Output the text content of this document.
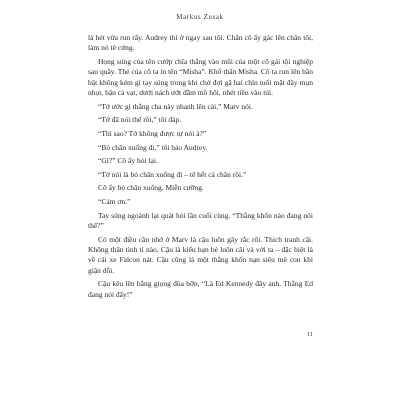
Markus Zusak

là hét vừa run rẩy. Audrey thì ở ngay sau tôi. Chân cô ấy gác lên chân tôi, làm nó tê cứng.

Họng súng của tên cướp chĩa thẳng vào mũi của một cô gái tội nghiệp sau quầy. Thẻ của cô ta in tên “Misha”. Khổ thân Misha. Cô ta run lên bần bật không kém gì tay súng trong khi chờ đợi gã hai chín tuổi mặt đầy mụn nhọt, bận cả vạt, dưới nách ướt đẫm mồ hôi, nhét tiền vào túi.

“Tớ ước gì thằng cha này nhanh lên cái,” Marv nói.

“Tớ đã nói thế rồi,” tôi đáp.

“Thì sao? Tớ không được tự nói à?”

“Bỏ chân xuống đi,” tôi bảo Audrey.

“Gì?” Cô ấy hỏi lại.

“Tớ nói là bỏ chân xuống đi – tê hết cả chân rồi.”

Cô ấy bỏ chân xuống. Miễn cưỡng.

“Cảm ơn.”

Tay súng ngoảnh lại quát hỏi lần cuối cùng. “Thằng khốn nào đang nói thế?”

Có một điều cần nhớ ở Marv là cậu luôn gây rắc rối. Thích tranh cãi. Không thân tình tí nào. Cậu là kiểu bạn bè luôn cãi và với ta – đặc biệt là về cái xe Falcon nát. Cậu cũng là một thằng khốn nạn siêu mê con khỉ giận dỗi.

Cậu kêu lên bằng giọng đùa bỡn, “Là Ed Kennedy đây anh. Thằng Ed đang nói đấy!”

11
